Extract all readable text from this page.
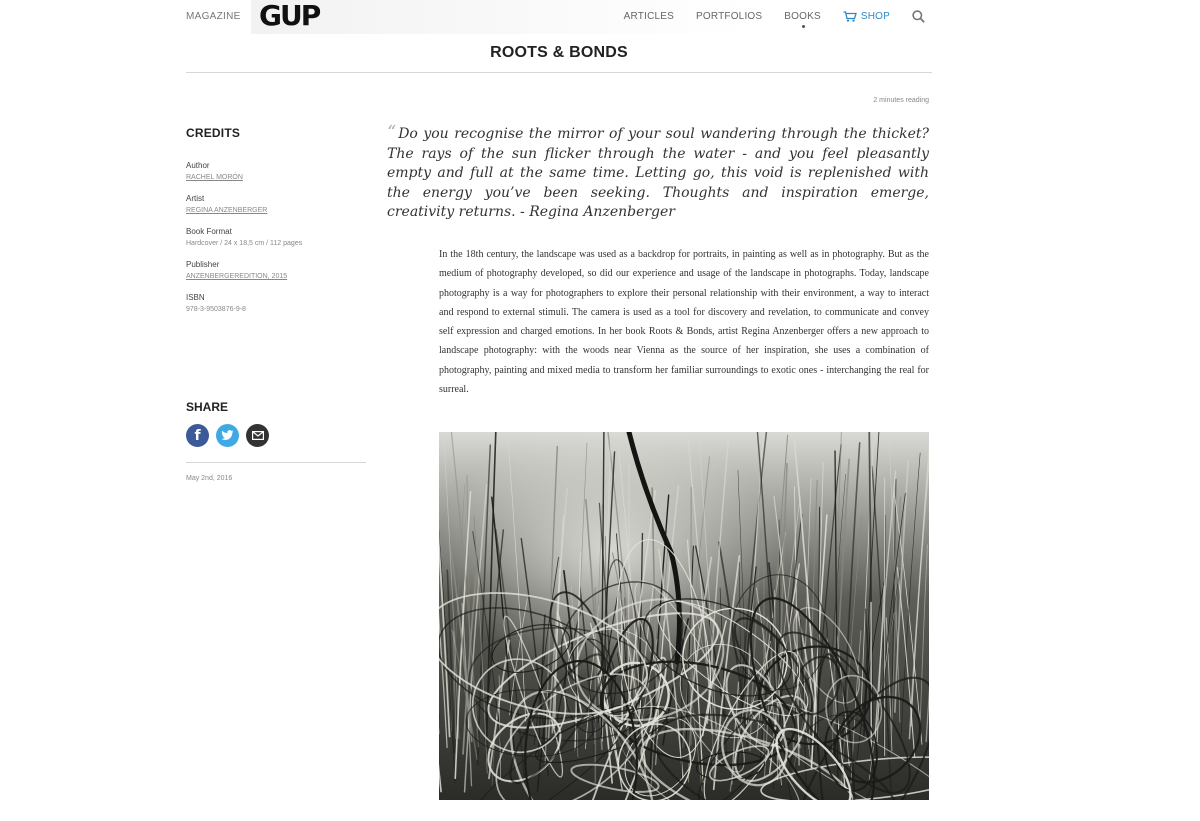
MAGAZINE GUP	ARTICLES PORTFOLIOS BOOKS	SHOP
ROOTS & BONDS
2 minutes reading
CREDITS
Author
RACHEL MORÓN
Artist
REGINA ANZENBERGER
Book Format
Hardcover / 24 x 18,5 cm / 112 pages
Publisher
ANZENBERGEREDITION, 2015
ISBN
978-3-9503876-9-8
SHARE
f
May 2nd, 2016
“ Do you recognise the mirror of your soul wandering through the thicket? The rays of the sun flicker through the water - and you feel pleasantly empty and full at the same time. Letting go, this void is replenished with the energy you’ve been seeking. Thoughts and inspiration emerge, creativity returns. - Regina Anzenberger
In the 18th century, the landscape was used as a backdrop for portraits, in painting as well as in photography. But as the medium of photography developed, so did our experience and usage of the landscape in photographs. Today, landscape photography is a way for photographers to explore their personal relationship with their environment, a way to interact and respond to external stimuli. The camera is used as a tool for discovery and revelation, to communicate and convey self expression and charged emotions. In her book Roots & Bonds, artist Regina Anzenberger offers a new approach to landscape photography: with the woods near Vienna as the source of her inspiration, she uses a combination of photography, painting and mixed media to transform her familiar surroundings to exotic ones - interchanging the real for surreal.
